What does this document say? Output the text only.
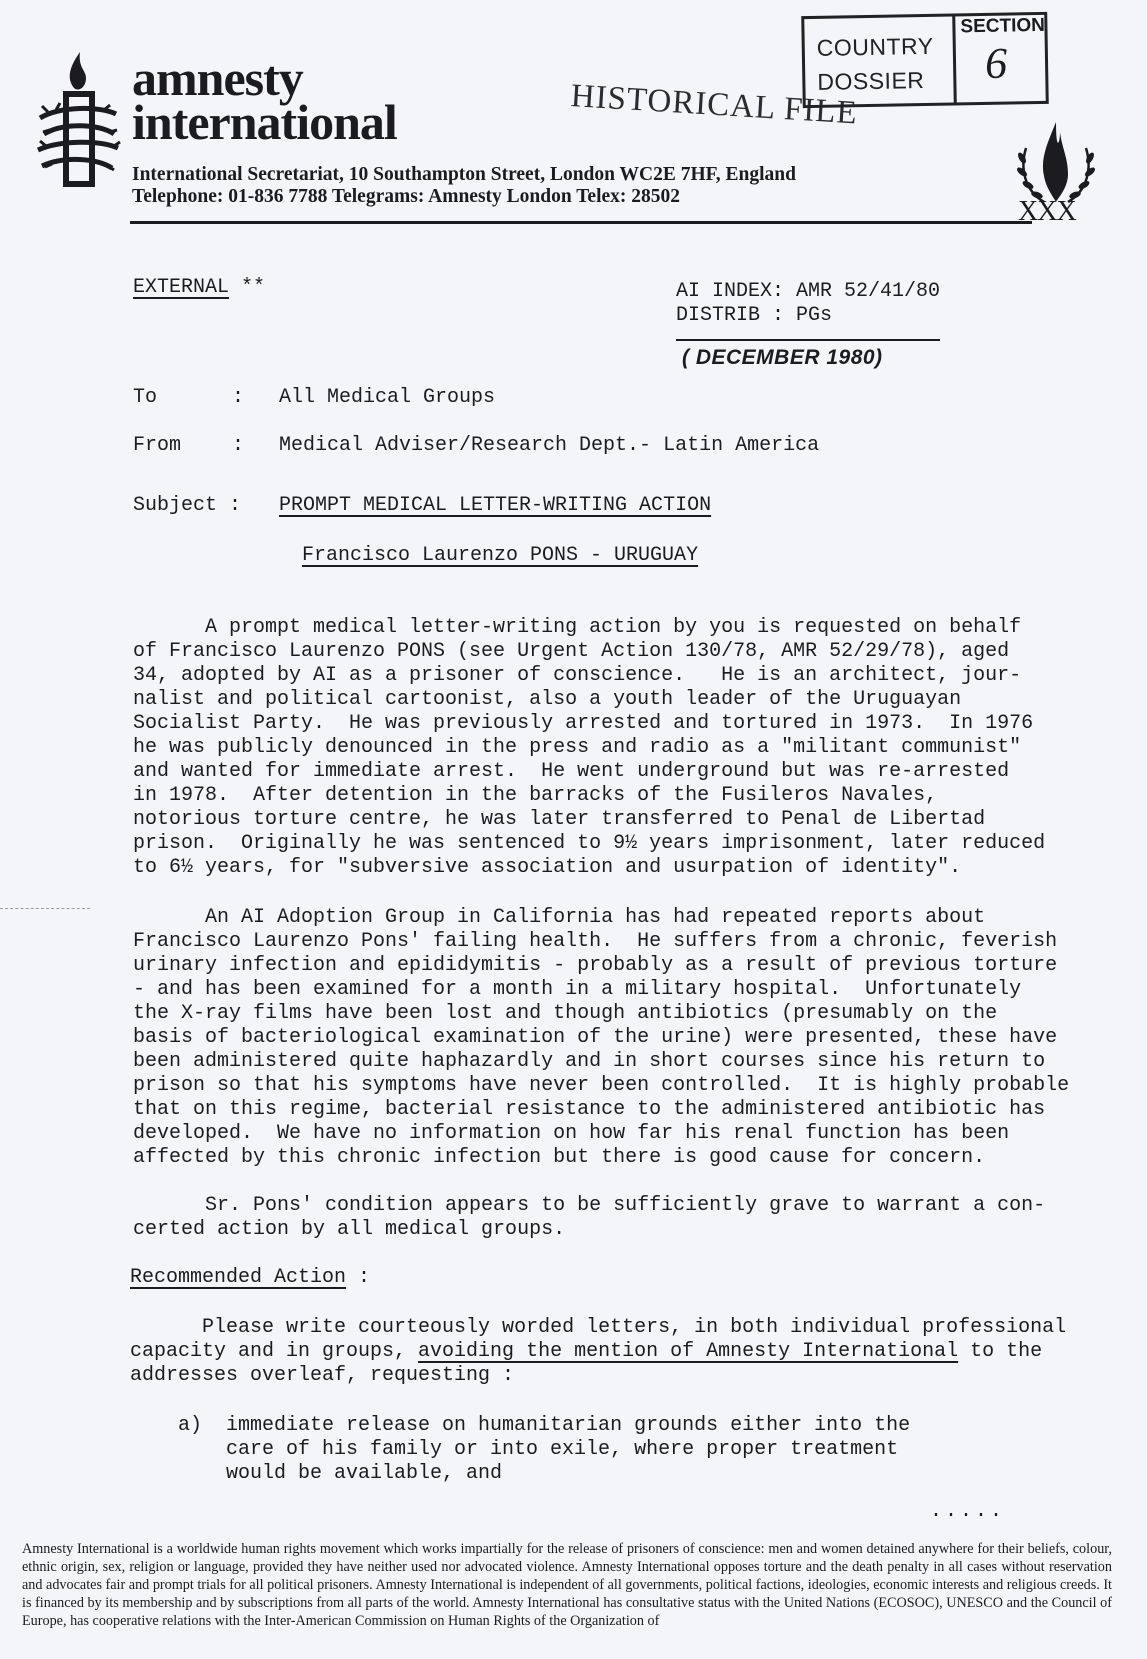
amnesty
international
International Secretariat, 10 Southampton Street, London WC2E 7HF, England
Telephone: 01-836 7788 Telegrams: Amnesty London Telex: 28502
HISTORICAL FILE
COUNTRY
DOSSIER
SECTION
6
XXX
EXTERNAL **	AI INDEX: AMR 52/41/80
DISTRIB : PGs
( DECEMBER 1980)
To	: All Medical Groups
From	: Medical Adviser/Research Dept.- Latin America
Subject : PROMPT MEDICAL LETTER-WRITING ACTION
Francisco Laurenzo PONS - URUGUAY
A prompt medical letter-writing action by you is requested on behalf
of Francisco Laurenzo PONS (see Urgent Action 130/78, AMR 52/29/78), aged
34, adopted by AI as a prisoner of conscience.   He is an architect, jour-
nalist and political cartoonist, also a youth leader of the Uruguayan
Socialist Party.  He was previously arrested and tortured in 1973.  In 1976
he was publicly denounced in the press and radio as a "militant communist"
and wanted for immediate arrest.  He went underground but was re-arrested
in 1978.  After detention in the barracks of the Fusileros Navales,
notorious torture centre, he was later transferred to Penal de Libertad
prison.  Originally he was sentenced to 9½ years imprisonment, later reduced
to 6½ years, for "subversive association and usurpation of identity".
An AI Adoption Group in California has had repeated reports about
Francisco Laurenzo Pons' failing health.  He suffers from a chronic, feverish
urinary infection and epididymitis - probably as a result of previous torture
- and has been examined for a month in a military hospital.  Unfortunately
the X-ray films have been lost and though antibiotics (presumably on the
basis of bacteriological examination of the urine) were presented, these have
been administered quite haphazardly and in short courses since his return to
prison so that his symptoms have never been controlled.  It is highly probable
that on this regime, bacterial resistance to the administered antibiotic has
developed.  We have no information on how far his renal function has been
affected by this chronic infection but there is good cause for concern.
Sr. Pons' condition appears to be sufficiently grave to warrant a con-
certed action by all medical groups.
Recommended Action :
Please write courteously worded letters, in both individual professional
capacity and in groups, avoiding the mention of Amnesty International to the
addresses overleaf, requesting :
a) immediate release on humanitarian grounds either into the
care of his family or into exile, where proper treatment
would be available, and
.....
Amnesty International is a worldwide human rights movement which works impartially for the release of prisoners of conscience: men and women detained anywhere for their beliefs, colour, ethnic origin, sex, religion or language, provided they have neither used nor advocated violence. Amnesty International opposes torture and the death penalty in all cases without reservation and advocates fair and prompt trials for all political prisoners. Amnesty International is independent of all governments, political factions, ideologies, economic interests and religious creeds. It is financed by its membership and by subscriptions from all parts of the world. Amnesty International has consultative status with the United Nations (ECOSOC), UNESCO and the Council of Europe, has cooperative relations with the Inter-American Commission on Human Rights of the Organization of
